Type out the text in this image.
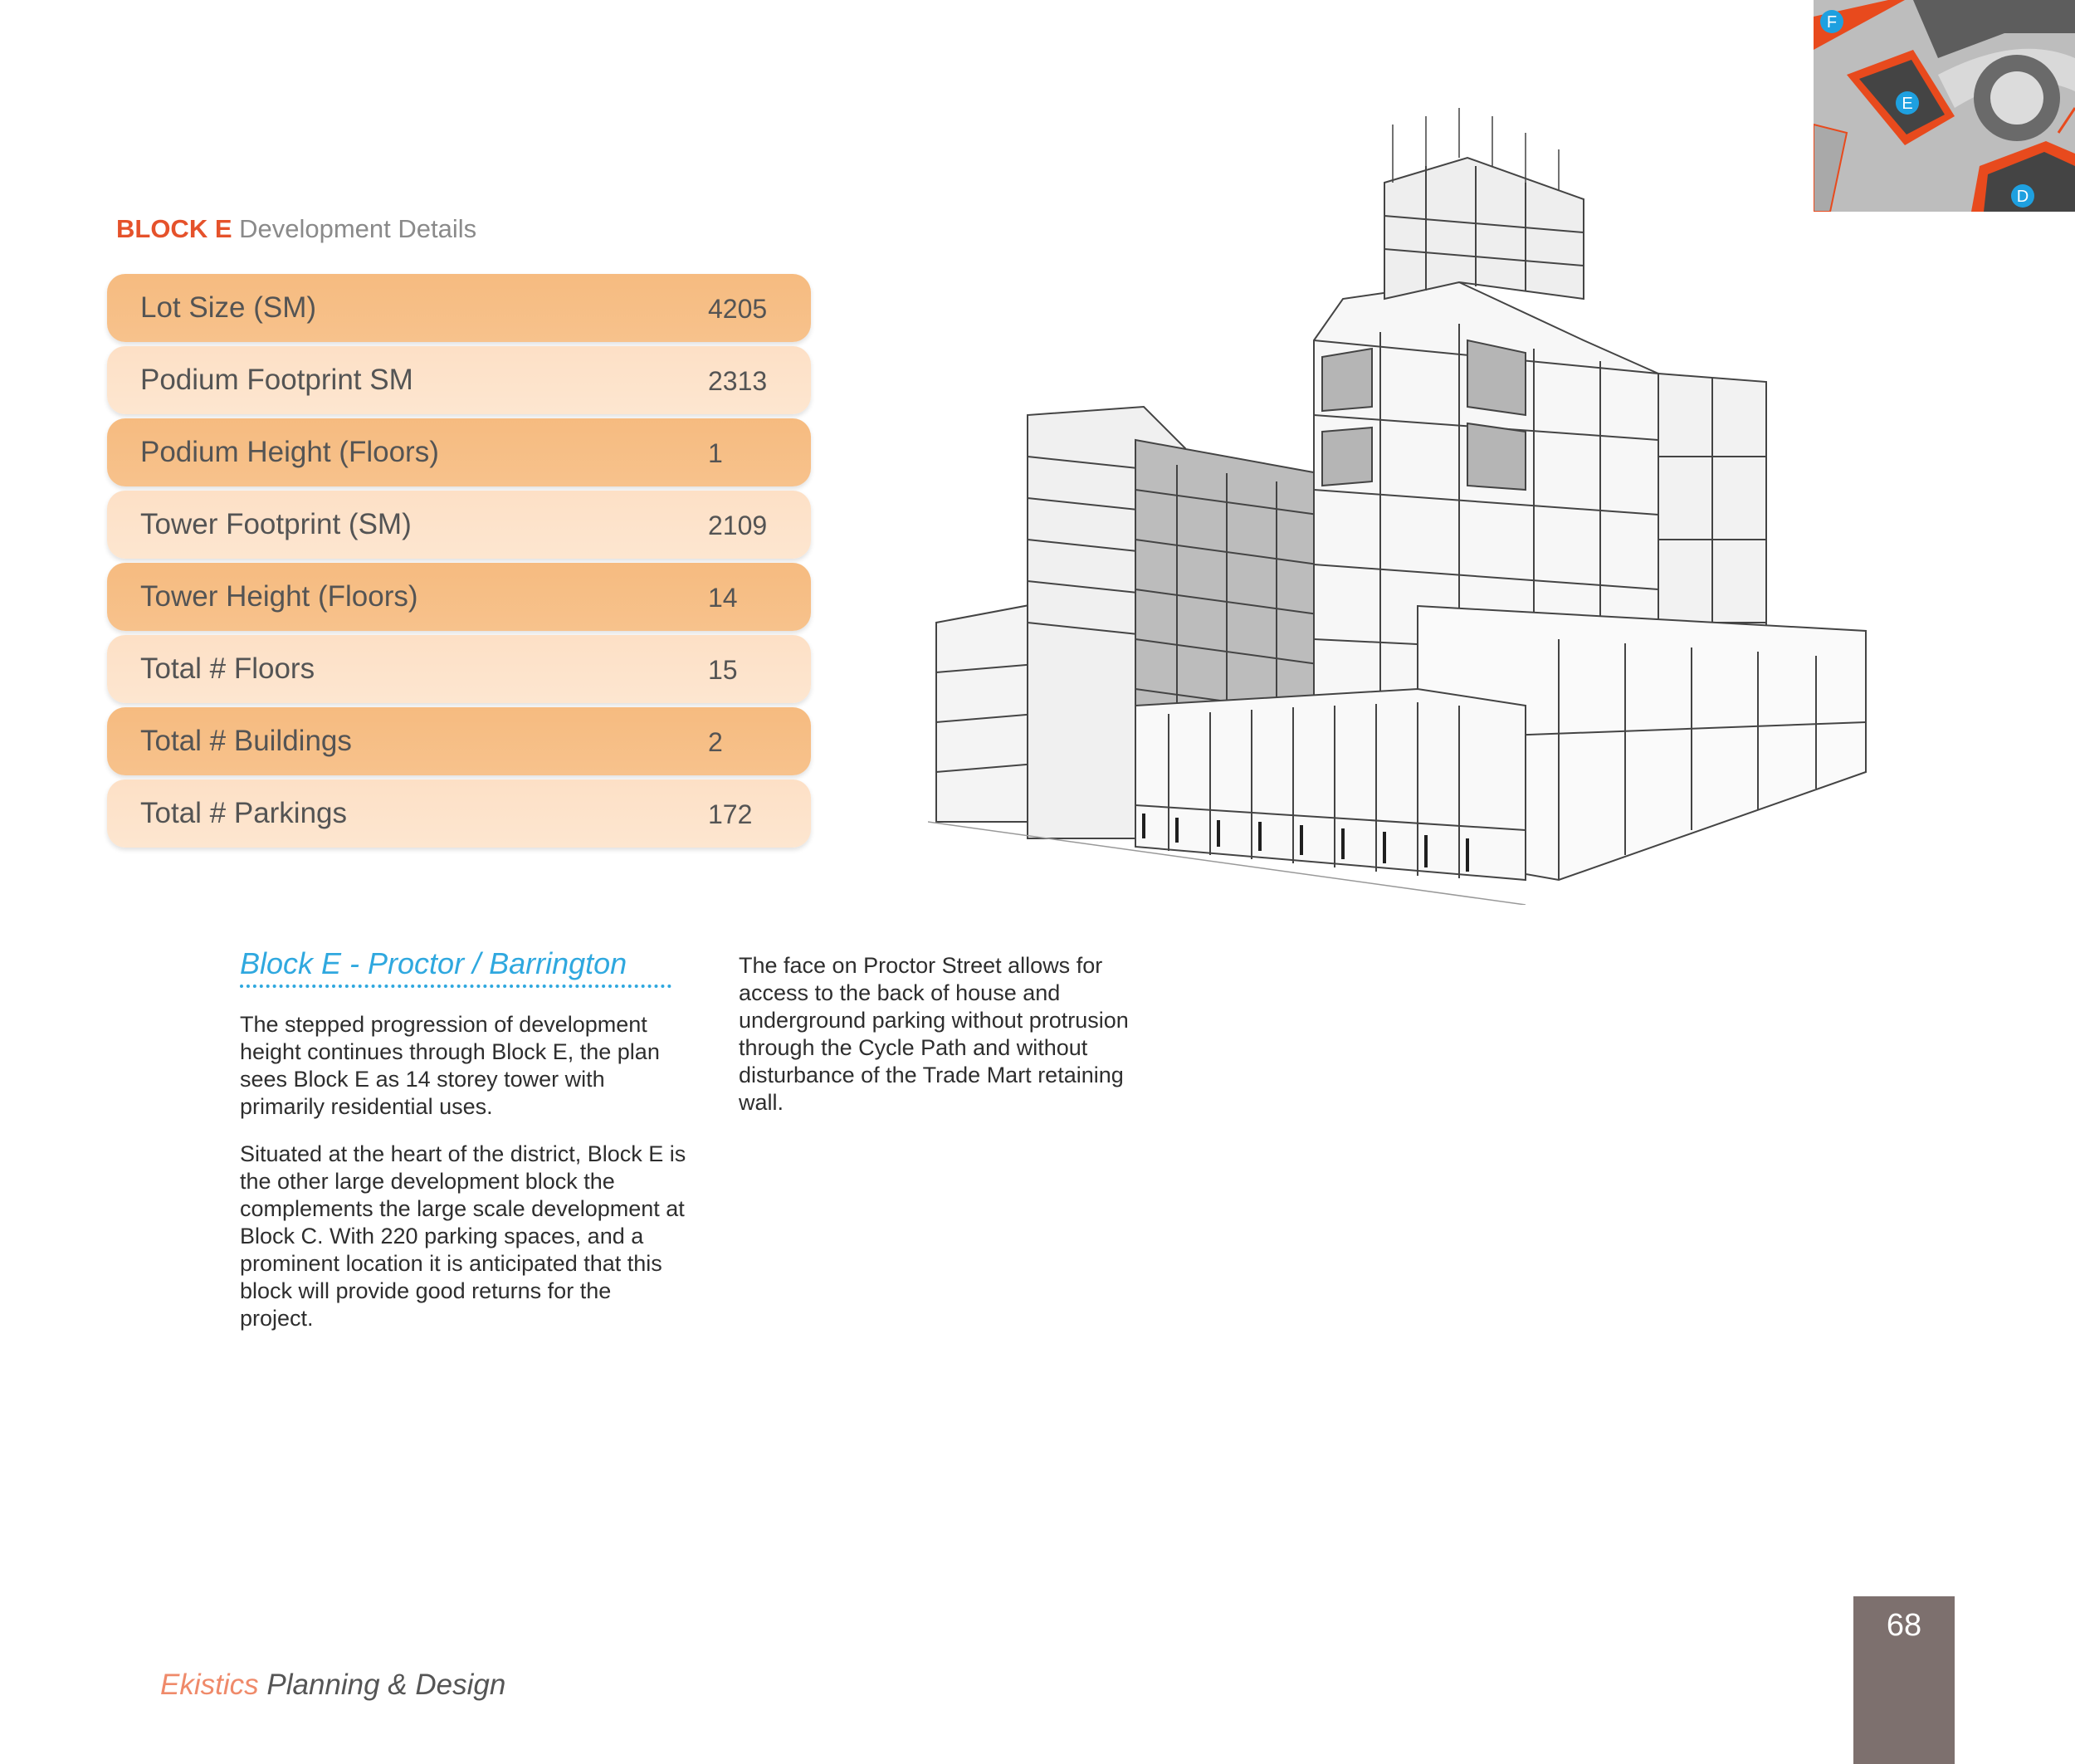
BLOCK E Development Details
Lot Size (SM)	4205
Podium Footprint SM	2313
Podium Height (Floors)	1
Tower Footprint (SM)	2109
Tower Height (Floors)	14
Total # Floors	15
Total # Buildings	2
Total # Parkings	172
F
E
D
Block E - Proctor / Barrington

The stepped progression of development height continues through Block E, the plan sees Block E as 14 storey tower with primarily residential uses.

Situated at the heart of the district, Block E is the other large development block the complements the large scale development at Block C. With 220 parking spaces, and a prominent location it is anticipated that this block will provide good returns for the project.

The face on Proctor Street allows for access to the back of house and underground parking without protrusion through the Cycle Path and without disturbance of the Trade Mart retaining wall.

Ekistics Planning & Design
68
